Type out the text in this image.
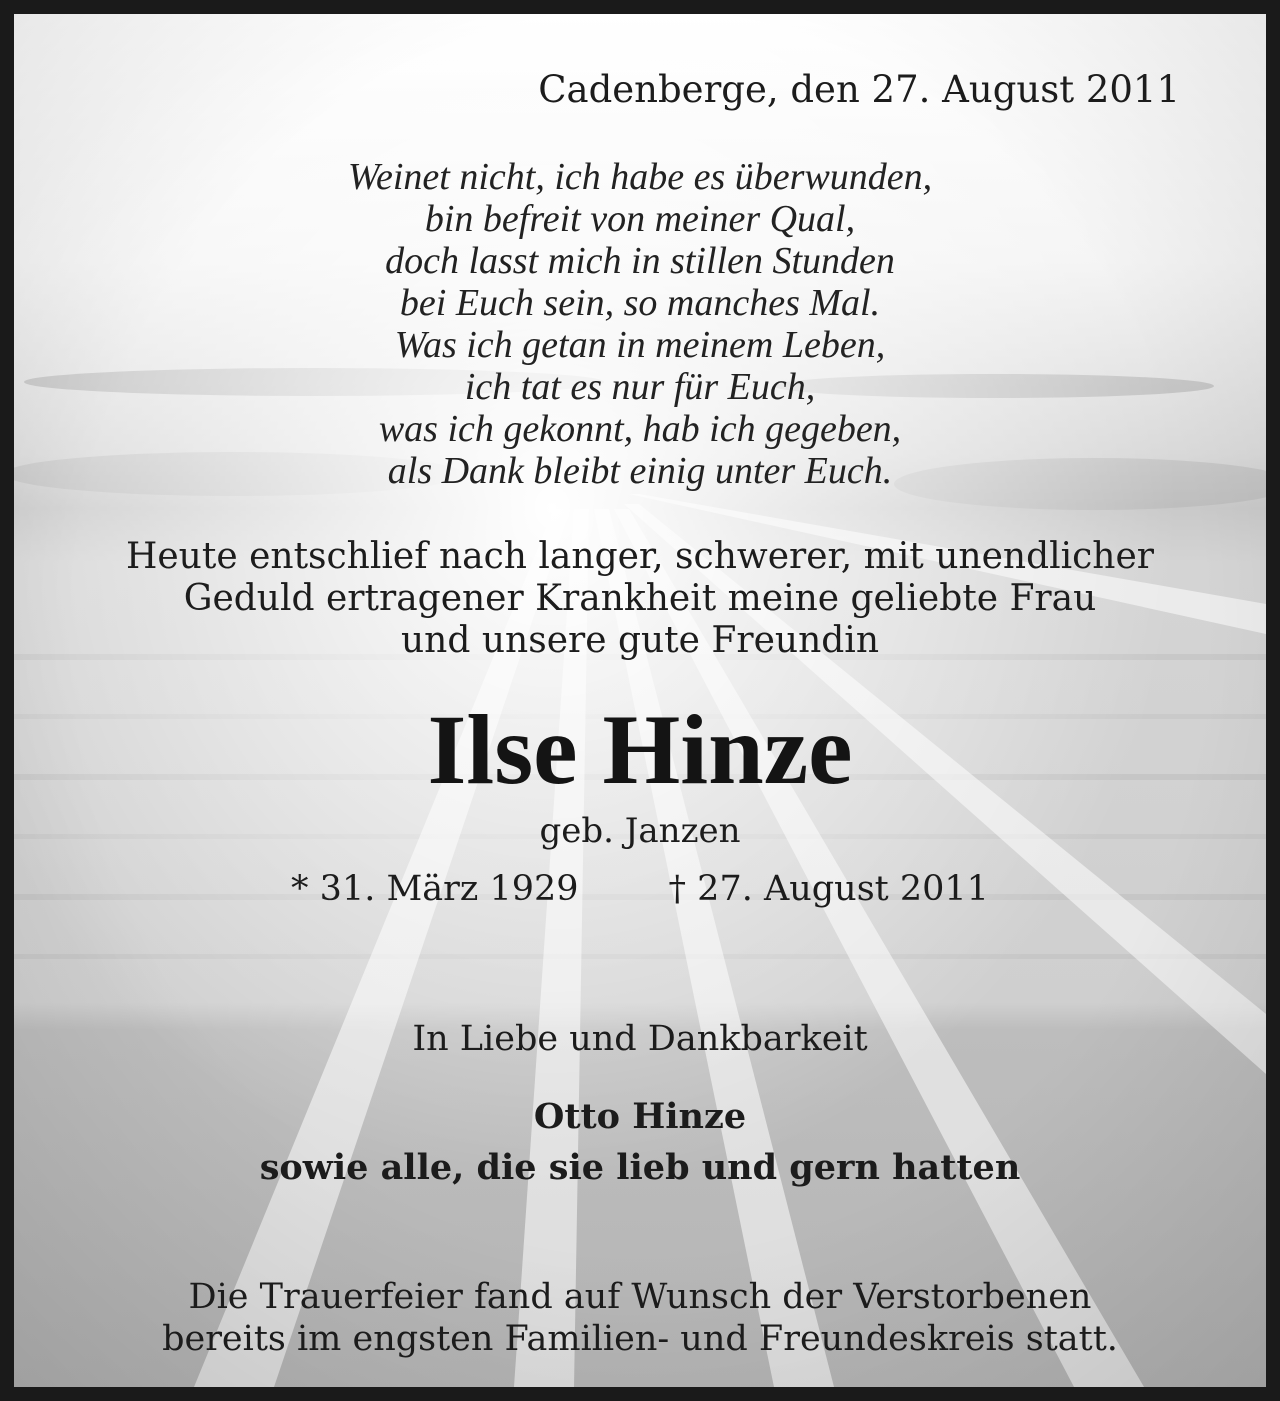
Cadenberge, den 27. August 2011
Weinet nicht, ich habe es überwunden,
bin befreit von meiner Qual,
doch lasst mich in stillen Stunden
bei Euch sein, so manches Mal.
Was ich getan in meinem Leben,
ich tat es nur für Euch,
was ich gekonnt, hab ich gegeben,
als Dank bleibt einig unter Euch.
Heute entschlief nach langer, schwerer, mit unendlicher
Geduld ertragener Krankheit meine geliebte Frau
und unsere gute Freundin
Ilse Hinze
geb. Janzen
* 31. März 1929	† 27. August 2011
In Liebe und Dankbarkeit
Otto Hinze
sowie alle, die sie lieb und gern hatten
Die Trauerfeier fand auf Wunsch der Verstorbenen
bereits im engsten Familien- und Freundeskreis statt.
